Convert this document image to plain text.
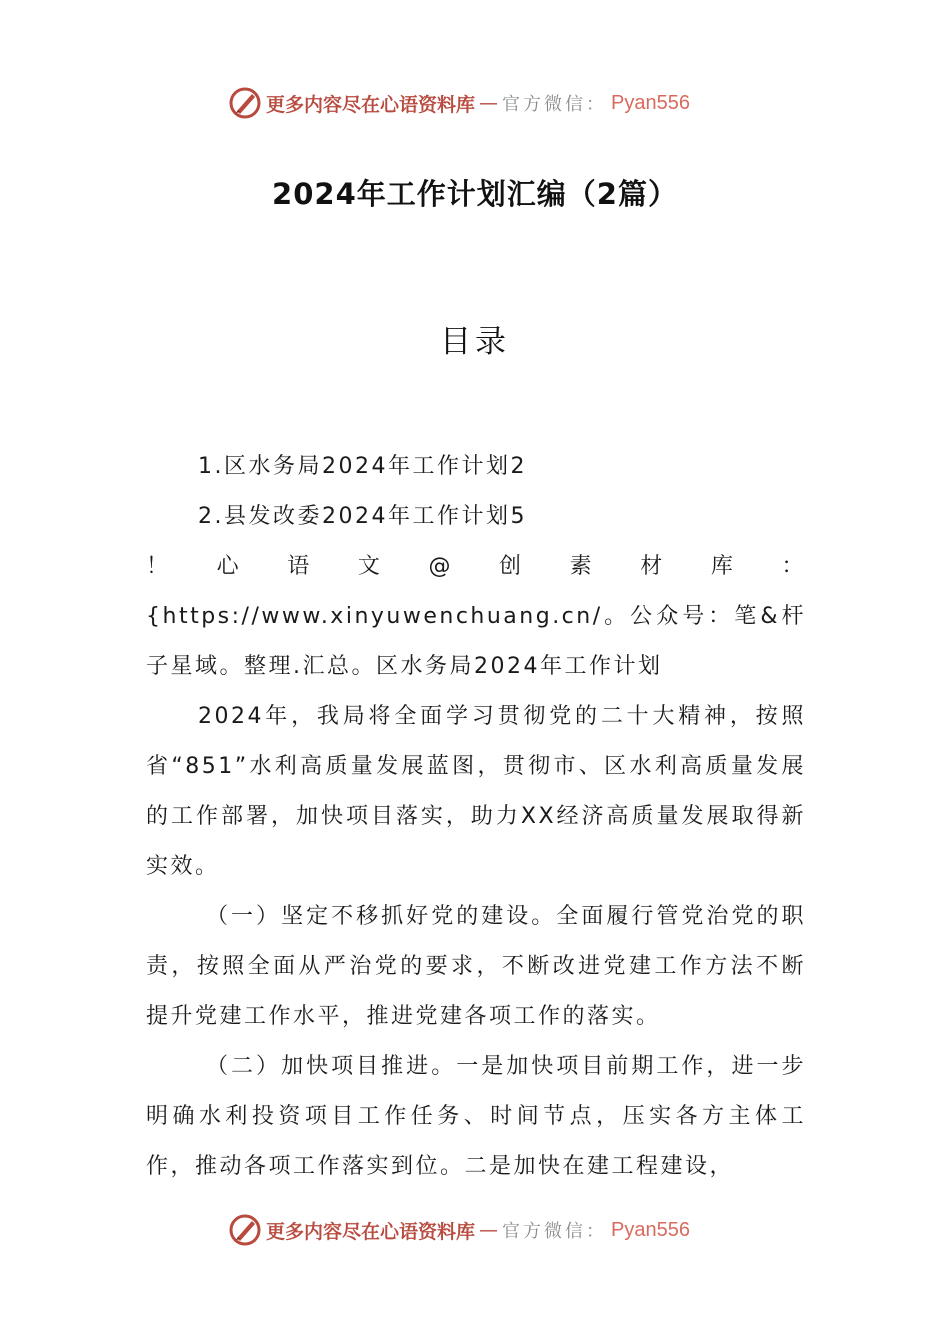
更多内容尽在心语资料库 — 官方微信： Pyan556
2024年工作计划汇编（2篇）
目录

1.区水务局2024年工作计划2

2.县发改委2024年工作计划5

！心语文@创素材库：{https://www.xinyuwenchuang.cn/。公众号：笔&杆子星域。整理.汇总。区水务局2024年工作计划

2024年，我局将全面学习贯彻党的二十大精神，按照省“851”水利高质量发展蓝图，贯彻市、区水利高质量发展的工作部署，加快项目落实，助力XX经济高质量发展取得新实效。

（一）坚定不移抓好党的建设。全面履行管党治党的职责，按照全面从严治党的要求，不断改进党建工作方法不断提升党建工作水平，推进党建各项工作的落实。

（二）加快项目推进。一是加快项目前期工作，进一步明确水利投资项目工作任务、时间节点，压实各方主体工作，推动各项工作落实到位。二是加快在建工程建设，

更多内容尽在心语资料库 — 官方微信： Pyan556
